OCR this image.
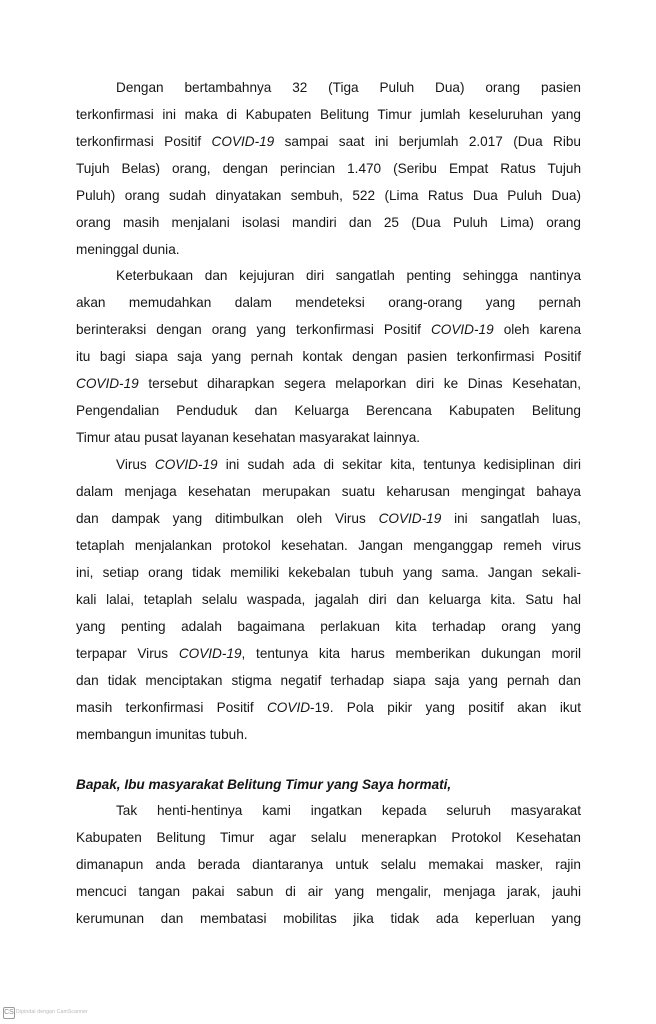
Dengan bertambahnya 32 (Tiga Puluh Dua) orang pasien
terkonfirmasi ini maka di Kabupaten Belitung Timur jumlah keseluruhan yang
terkonfirmasi Positif COVID-19 sampai saat ini berjumlah 2.017 (Dua Ribu
Tujuh Belas) orang, dengan perincian 1.470 (Seribu Empat Ratus Tujuh
Puluh) orang sudah dinyatakan sembuh, 522 (Lima Ratus Dua Puluh Dua)
orang masih menjalani isolasi mandiri dan 25 (Dua Puluh Lima) orang
meninggal dunia.
Keterbukaan dan kejujuran diri sangatlah penting sehingga nantinya
akan memudahkan dalam mendeteksi orang-orang yang pernah
berinteraksi dengan orang yang terkonfirmasi Positif COVID-19 oleh karena
itu bagi siapa saja yang pernah kontak dengan pasien terkonfirmasi Positif
COVID-19 tersebut diharapkan segera melaporkan diri ke Dinas Kesehatan,
Pengendalian Penduduk dan Keluarga Berencana Kabupaten Belitung
Timur atau pusat layanan kesehatan masyarakat lainnya.
Virus COVID-19 ini sudah ada di sekitar kita, tentunya kedisiplinan diri
dalam menjaga kesehatan merupakan suatu keharusan mengingat bahaya
dan dampak yang ditimbulkan oleh Virus COVID-19 ini sangatlah luas,
tetaplah menjalankan protokol kesehatan. Jangan menganggap remeh virus
ini, setiap orang tidak memiliki kekebalan tubuh yang sama. Jangan sekali-
kali lalai, tetaplah selalu waspada, jagalah diri dan keluarga kita. Satu hal
yang penting adalah bagaimana perlakuan kita terhadap orang yang
terpapar Virus COVID-19, tentunya kita harus memberikan dukungan moril
dan tidak menciptakan stigma negatif terhadap siapa saja yang pernah dan
masih terkonfirmasi Positif COVID-19. Pola pikir yang positif akan ikut
membangun imunitas tubuh.
Bapak, Ibu masyarakat Belitung Timur yang Saya hormati,
Tak henti-hentinya kami ingatkan kepada seluruh masyarakat
Kabupaten Belitung Timur agar selalu menerapkan Protokol Kesehatan
dimanapun anda berada diantaranya untuk selalu memakai masker, rajin
mencuci tangan pakai sabun di air yang mengalir, menjaga jarak, jauhi
kerumunan dan membatasi mobilitas jika tidak ada keperluan yang
CS Dipindai dengan CamScanner
